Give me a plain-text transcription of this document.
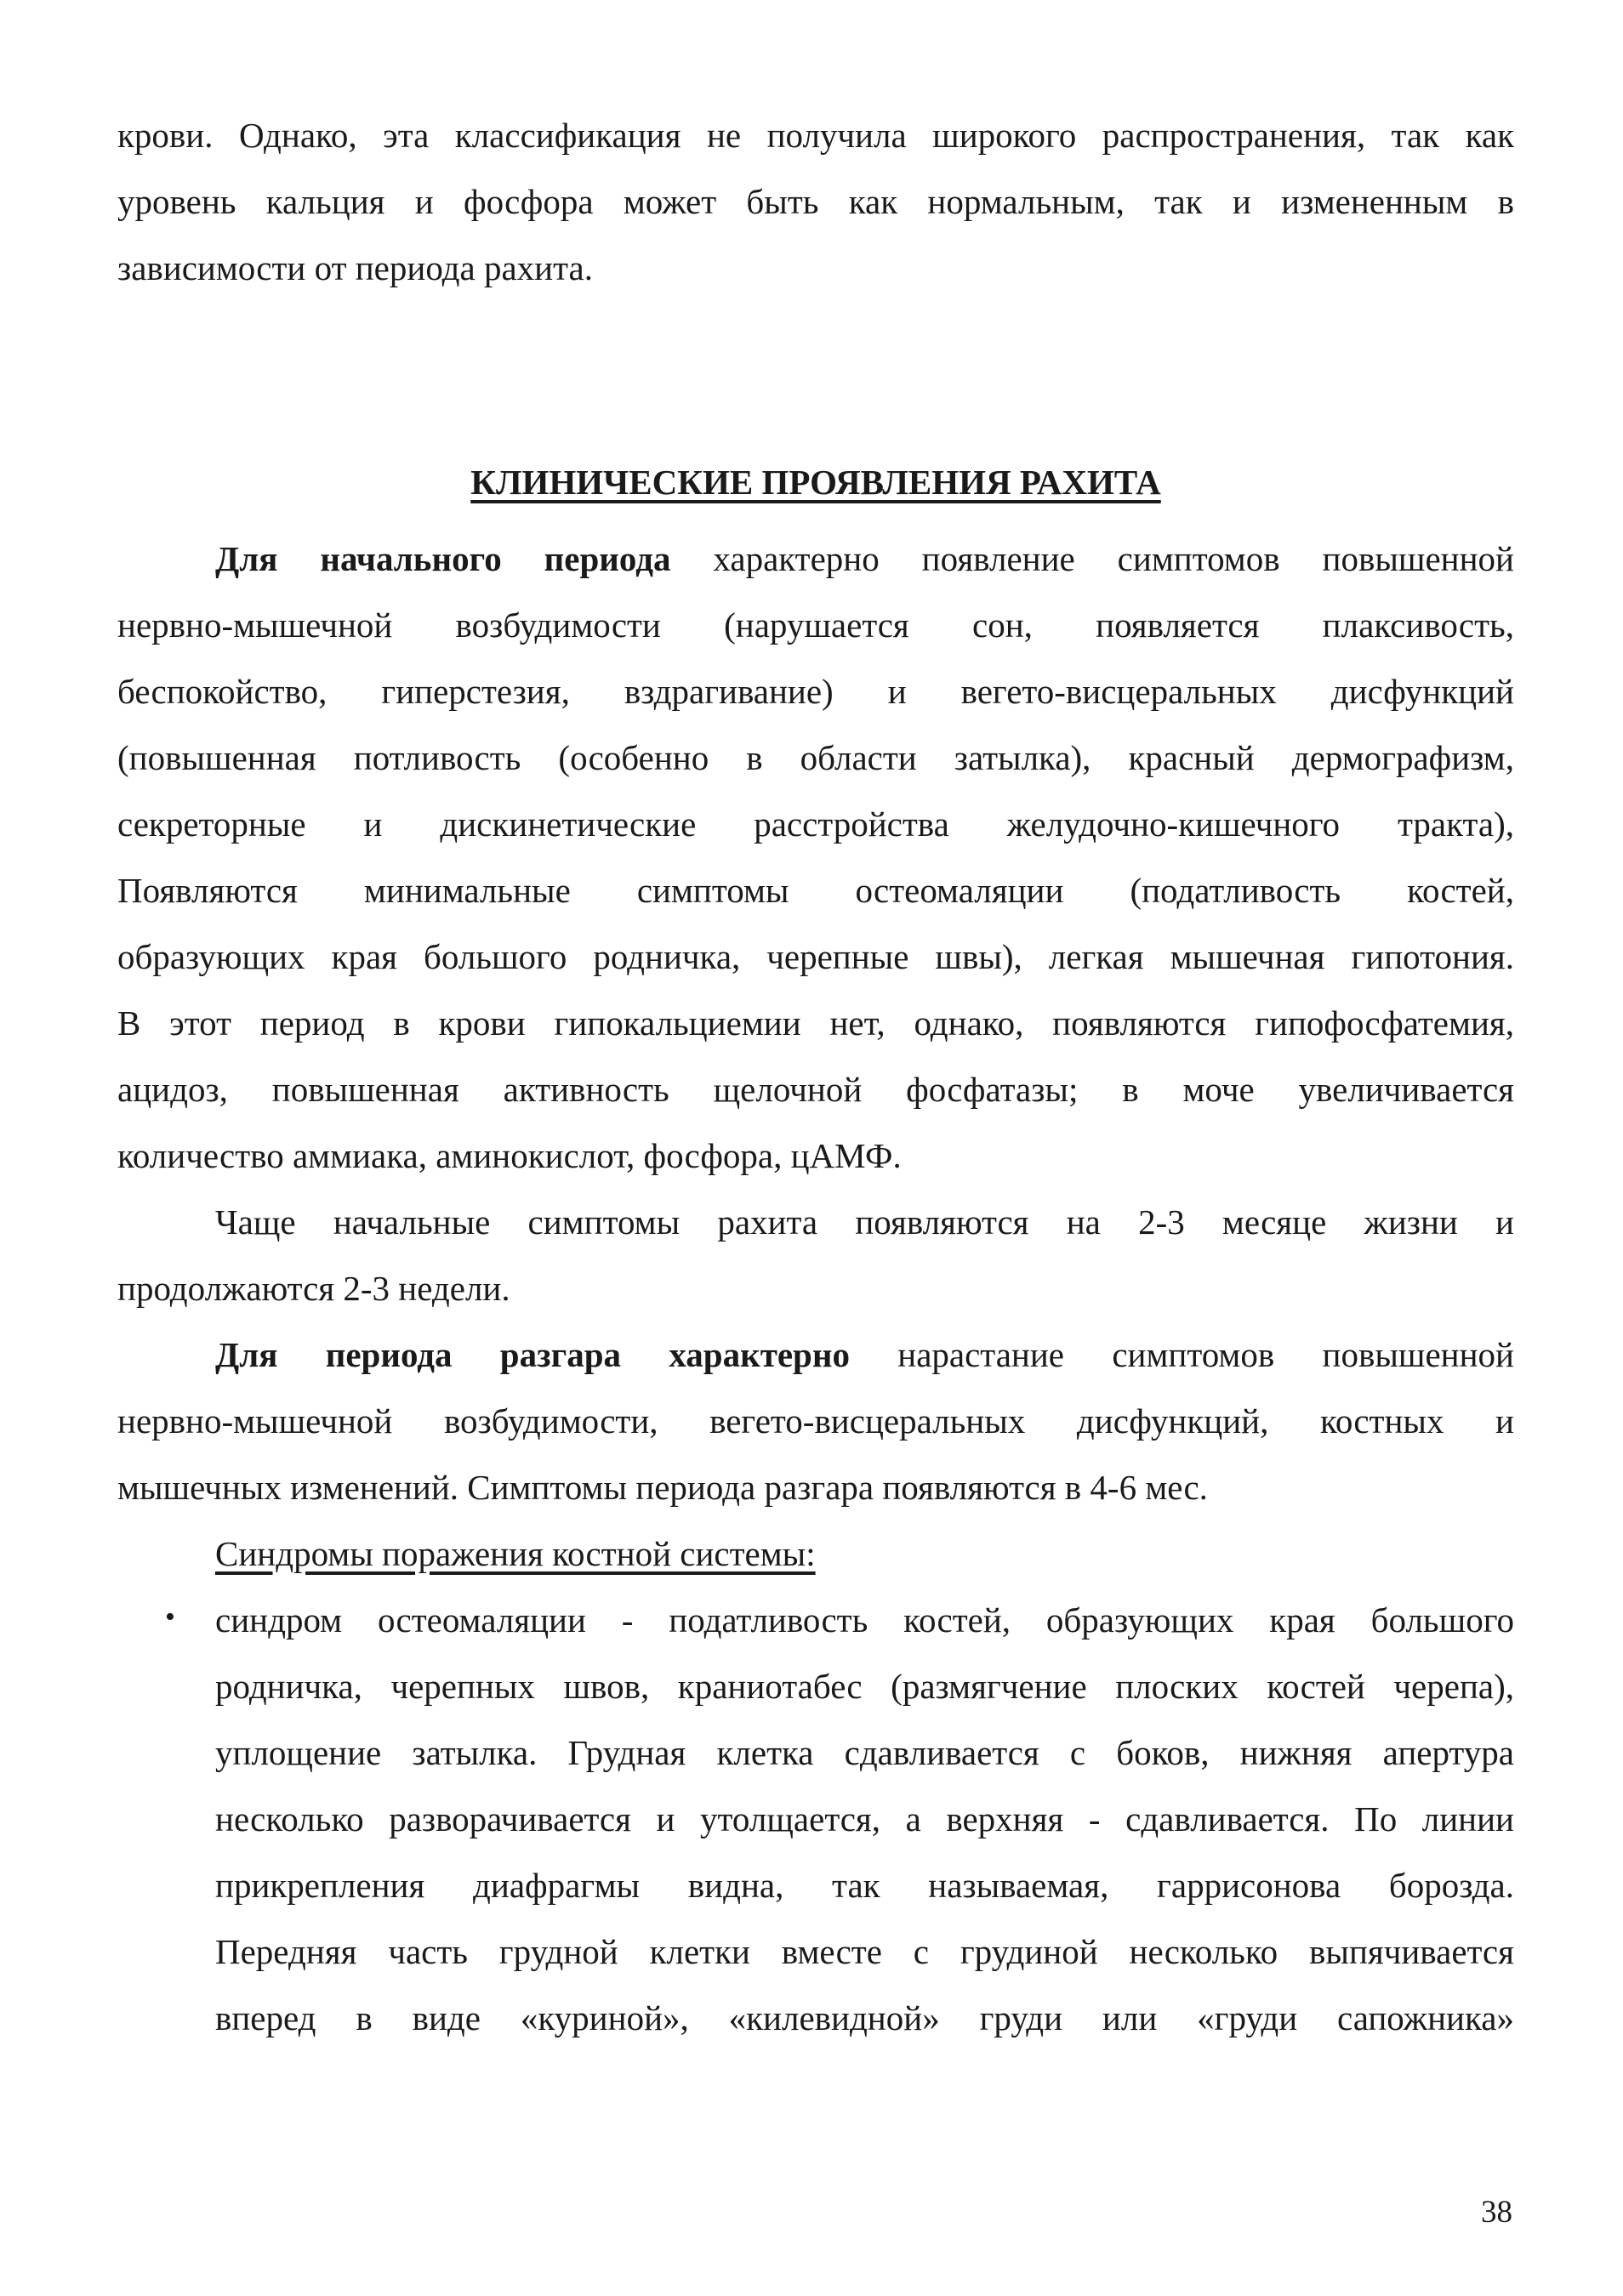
крови. Однако, эта классификация не получила широкого распространения, так как
уровень кальция и фосфора может быть как нормальным, так и измененным в
зависимости от периода рахита.
КЛИНИЧЕСКИЕ ПРОЯВЛЕНИЯ РАХИТА
Для начального периода характерно появление симптомов повышенной
нервно-мышечной возбудимости (нарушается сон, появляется плаксивость,
беспокойство, гиперстезия, вздрагивание) и вегето-висцеральных дисфункций
(повышенная потливость (особенно в области затылка), красный дермографизм,
секреторные и дискинетические расстройства желудочно-кишечного тракта),
Появляются минимальные симптомы остеомаляции (податливость костей,
образующих края большого родничка, черепные швы), легкая мышечная гипотония.
В этот период в крови гипокальциемии нет, однако, появляются гипофосфатемия,
ацидоз, повышенная активность щелочной фосфатазы; в моче увеличивается
количество аммиака, аминокислот, фосфора, цАМФ.
Чаще начальные симптомы рахита появляются на 2-3 месяце жизни и
продолжаются 2-3 недели.
Для периода разгара характерно нарастание симптомов повышенной
нервно-мышечной возбудимости, вегето-висцеральных дисфункций, костных и
мышечных изменений. Симптомы периода разгара появляются в 4-6 мес.
Синдромы поражения костной системы:
•	синдром остеомаляции - податливость костей, образующих края большого
родничка, черепных швов, краниотабес (размягчение плоских костей черепа),
уплощение затылка. Грудная клетка сдавливается с боков, нижняя апертура
несколько разворачивается и утолщается, а верхняя - сдавливается. По линии
прикрепления диафрагмы видна, так называемая, гаррисонова борозда.
Передняя часть грудной клетки вместе с грудиной несколько выпячивается
вперед в виде «куриной», «килевидной» груди или «груди сапожника»
38
